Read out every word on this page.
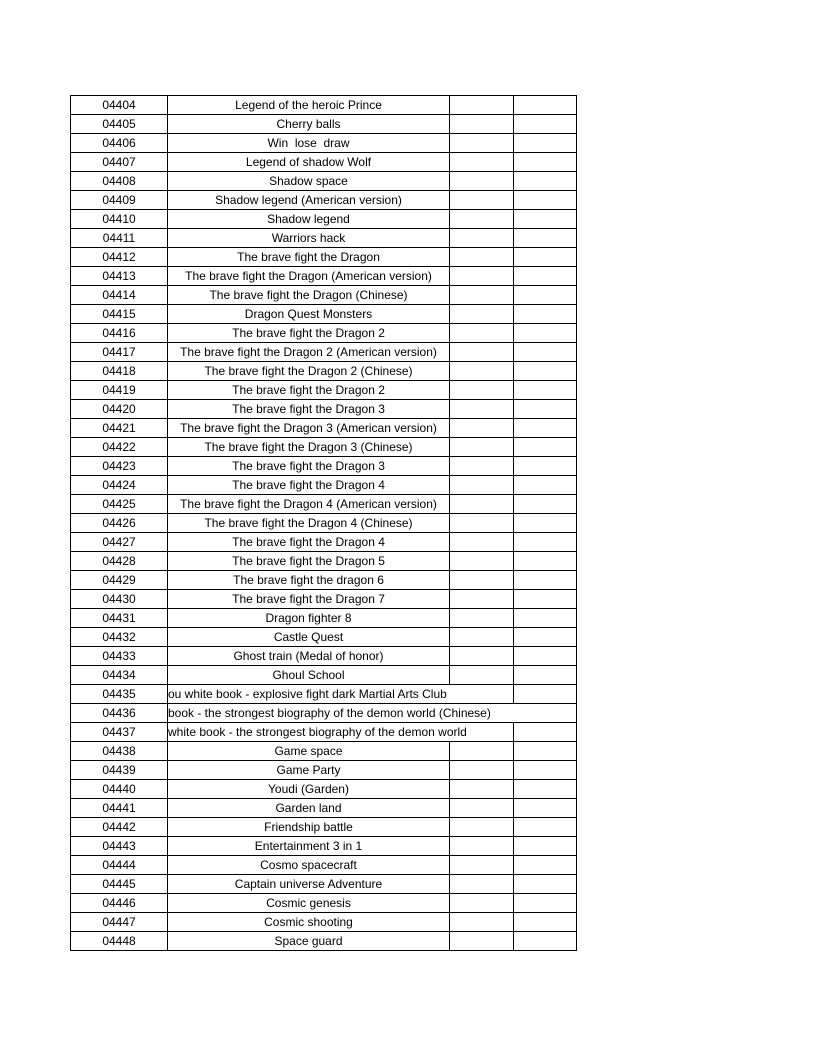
04404	Legend of the heroic Prince
04405	Cherry balls
04406	Win  lose  draw
04407	Legend of shadow Wolf
04408	Shadow space
04409	Shadow legend (American version)
04410	Shadow legend
04411	Warriors hack
04412	The brave fight the Dragon
04413	The brave fight the Dragon (American version)
04414	The brave fight the Dragon (Chinese)
04415	Dragon Quest Monsters
04416	The brave fight the Dragon 2
04417	The brave fight the Dragon 2 (American version)
04418	The brave fight the Dragon 2 (Chinese)
04419	The brave fight the Dragon 2
04420	The brave fight the Dragon 3
04421	The brave fight the Dragon 3 (American version)
04422	The brave fight the Dragon 3 (Chinese)
04423	The brave fight the Dragon 3
04424	The brave fight the Dragon 4
04425	The brave fight the Dragon 4 (American version)
04426	The brave fight the Dragon 4 (Chinese)
04427	The brave fight the Dragon 4
04428	The brave fight the Dragon 5
04429	The brave fight the dragon 6
04430	The brave fight the Dragon 7
04431	Dragon fighter 8
04432	Castle Quest
04433	Ghost train (Medal of honor)
04434	Ghoul School
04435	ou white book - explosive fight dark Martial Arts Club
04436	book - the strongest biography of the demon world (Chinese)
04437	white book - the strongest biography of the demon world
04438	Game space
04439	Game Party
04440	Youdi (Garden)
04441	Garden land
04442	Friendship battle
04443	Entertainment 3 in 1
04444	Cosmo spacecraft
04445	Captain universe Adventure
04446	Cosmic genesis
04447	Cosmic shooting
04448	Space guard
